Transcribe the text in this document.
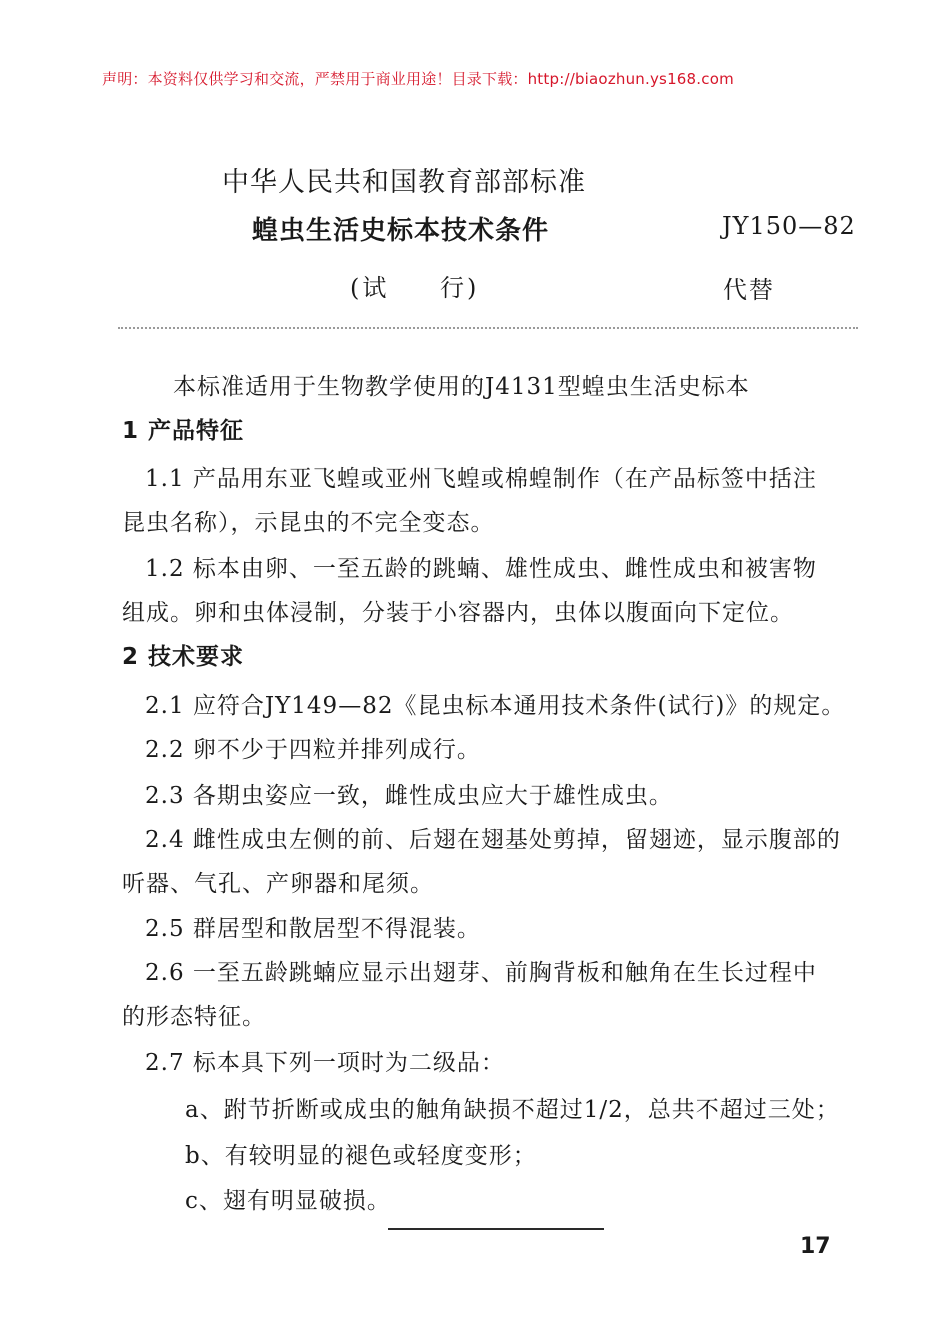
声明：本资料仅供学习和交流，严禁用于商业用途！目录下载：http://biaozhun.ys168.com
中华人民共和国教育部部标准
蝗虫生活史标本技术条件	JY150—82
(试 行)	代替
本标准适用于生物教学使用的J4131型蝗虫生活史标本
1 产品特征
1.1 产品用东亚飞蝗或亚州飞蝗或棉蝗制作（在产品标签中括注
昆虫名称），示昆虫的不完全变态。
1.2 标本由卵、一至五龄的跳蝻、雄性成虫、雌性成虫和被害物
组成。卵和虫体浸制，分装于小容器内，虫体以腹面向下定位。
2 技术要求
2.1 应符合JY149—82《昆虫标本通用技术条件(试行)》的规定。
2.2 卵不少于四粒并排列成行。
2.3 各期虫姿应一致，雌性成虫应大于雄性成虫。
2.4 雌性成虫左侧的前、后翅在翅基处剪掉，留翅迹，显示腹部的
听器、气孔、产卵器和尾须。
2.5 群居型和散居型不得混装。
2.6 一至五龄跳蝻应显示出翅芽、前胸背板和触角在生长过程中
的形态特征。
2.7 标本具下列一项时为二级品：
a、跗节折断或成虫的触角缺损不超过1/2，总共不超过三处；
b、有较明显的褪色或轻度变形；
c、翅有明显破损。
17
